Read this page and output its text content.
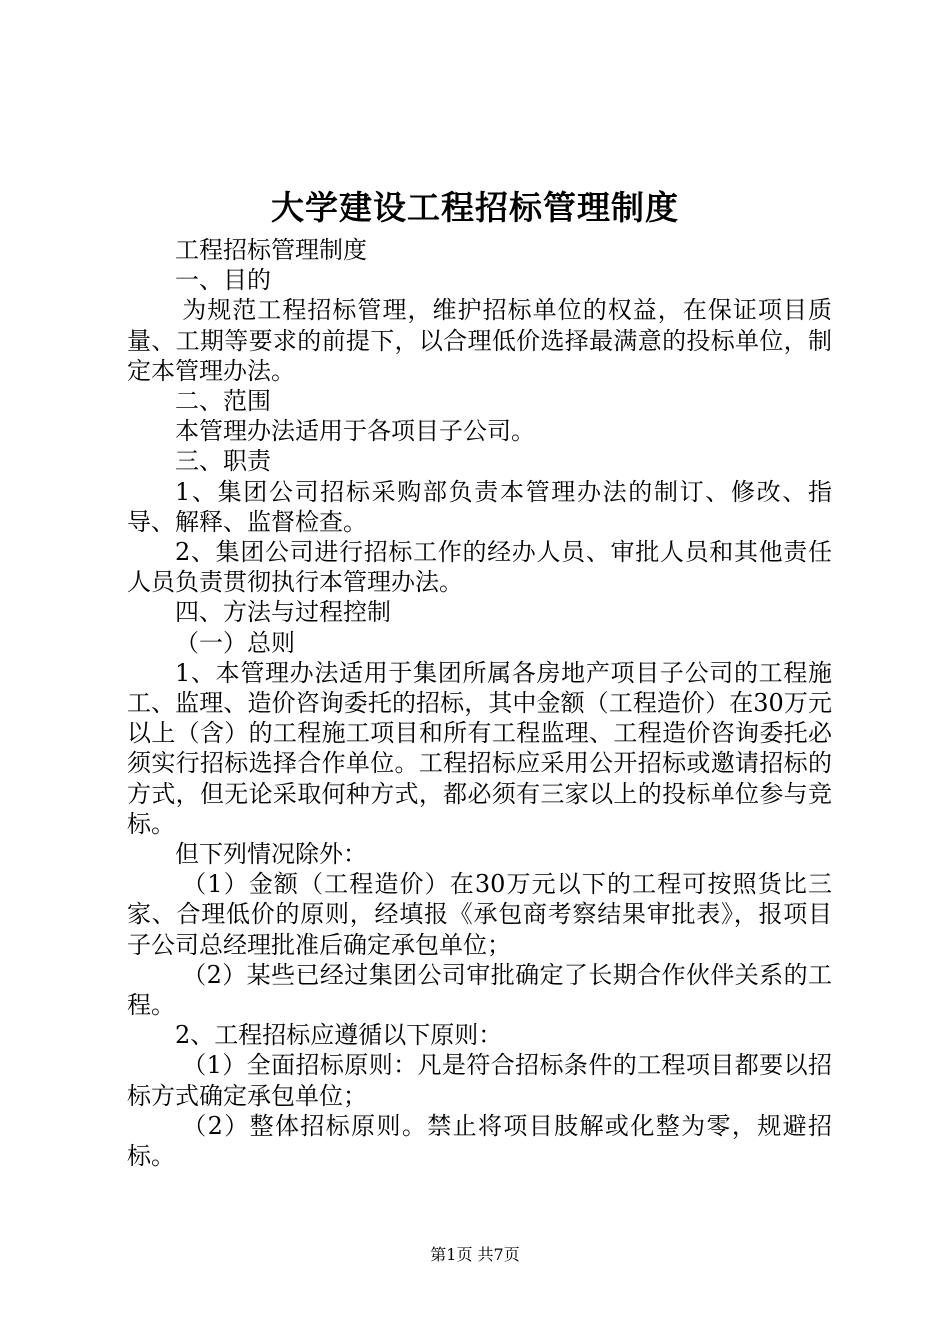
大学建设工程招标管理制度

工程招标管理制度

一、目的

为规范工程招标管理，维护招标单位的权益，在保证项目质量、工期等要求的前提下，以合理低价选择最满意的投标单位，制定本管理办法。

二、范围

本管理办法适用于各项目子公司。

三、职责

1、集团公司招标采购部负责本管理办法的制订、修改、指导、解释、监督检查。

2、集团公司进行招标工作的经办人员、审批人员和其他责任人员负责贯彻执行本管理办法。

四、方法与过程控制

（一）总则

1、本管理办法适用于集团所属各房地产项目子公司的工程施工、监理、造价咨询委托的招标，其中金额（工程造价）在30万元以上（含）的工程施工项目和所有工程监理、工程造价咨询委托必须实行招标选择合作单位。工程招标应采用公开招标或邀请招标的方式，但无论采取何种方式，都必须有三家以上的投标单位参与竞标。

但下列情况除外：

（1）金额（工程造价）在30万元以下的工程可按照货比三家、合理低价的原则，经填报《承包商考察结果审批表》，报项目子公司总经理批准后确定承包单位；

（2）某些已经过集团公司审批确定了长期合作伙伴关系的工程。

2、工程招标应遵循以下原则：

（1）全面招标原则：凡是符合招标条件的工程项目都要以招标方式确定承包单位；

（2）整体招标原则。禁止将项目肢解或化整为零，规避招标。

第1页 共7页
